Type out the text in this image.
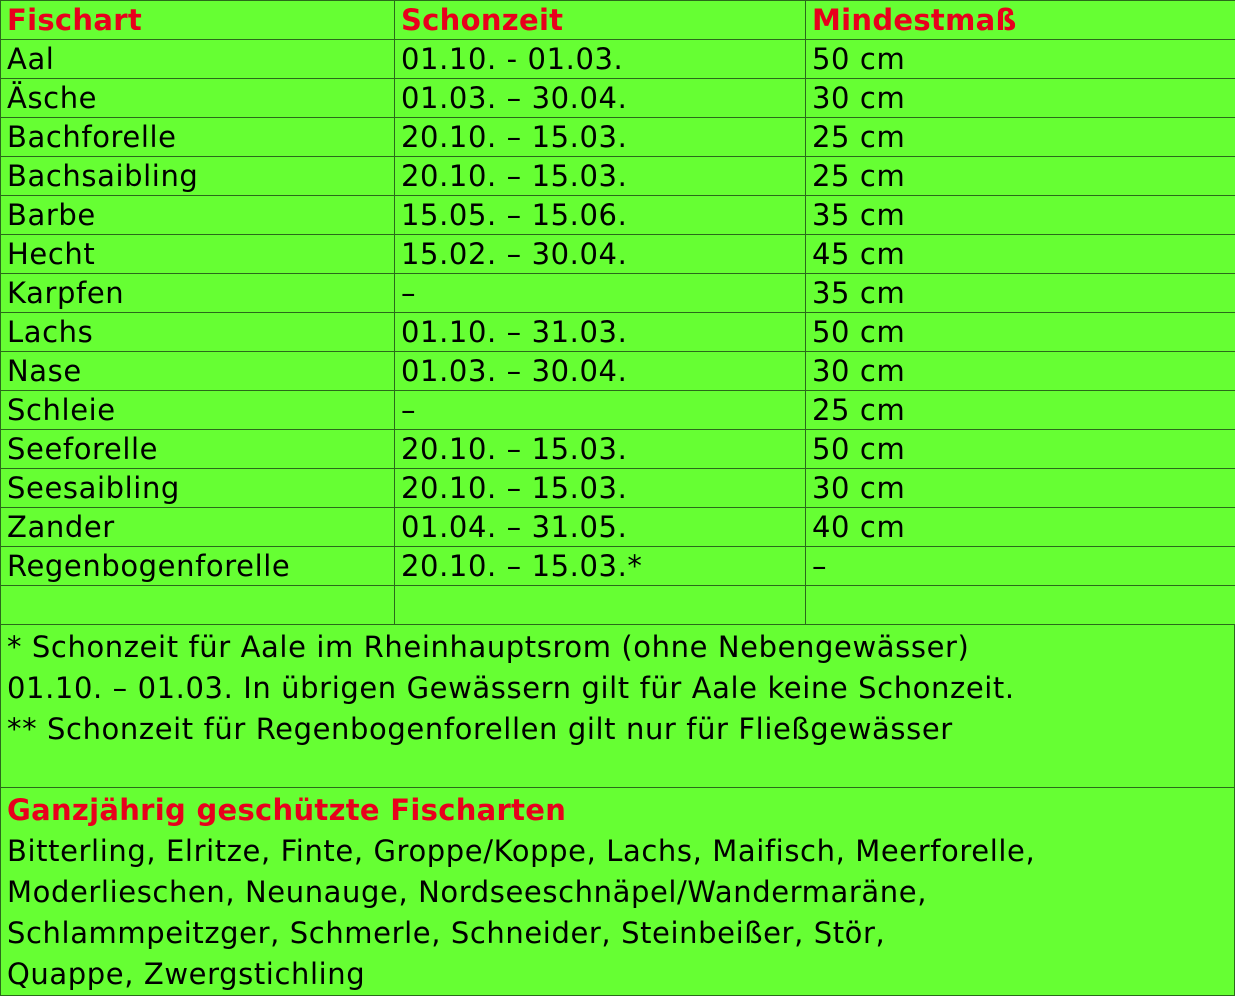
Fischart	Schonzeit	Mindestmaß
Aal	01.10. - 01.03.	50 cm
Äsche	01.03. – 30.04.	30 cm
Bachforelle	20.10. – 15.03.	25 cm
Bachsaibling	20.10. – 15.03.	25 cm
Barbe	15.05. – 15.06.	35 cm
Hecht	15.02. – 30.04.	45 cm
Karpfen	–	35 cm
Lachs	01.10. – 31.03.	50 cm
Nase	01.03. – 30.04.	30 cm
Schleie	–	25 cm
Seeforelle	20.10. – 15.03.	50 cm
Seesaibling	20.10. – 15.03.	30 cm
Zander	01.04. – 31.05.	40 cm
Regenbogenforelle	20.10. – 15.03.*	–

* Schonzeit für Aale im Rheinhauptsrom (ohne Nebengewässer)
01.10. – 01.03. In übrigen Gewässern gilt für Aale keine Schonzeit.
** Schonzeit für Regenbogenforellen gilt nur für Fließgewässer
Ganzjährig geschützte Fischarten
Bitterling, Elritze, Finte, Groppe/Koppe, Lachs, Maifisch, Meerforelle,
Moderlieschen, Neunauge, Nordseeschnäpel/Wandermaräne,
Schlammpeitzger, Schmerle, Schneider, Steinbeißer, Stör,
Quappe, Zwergstichling
